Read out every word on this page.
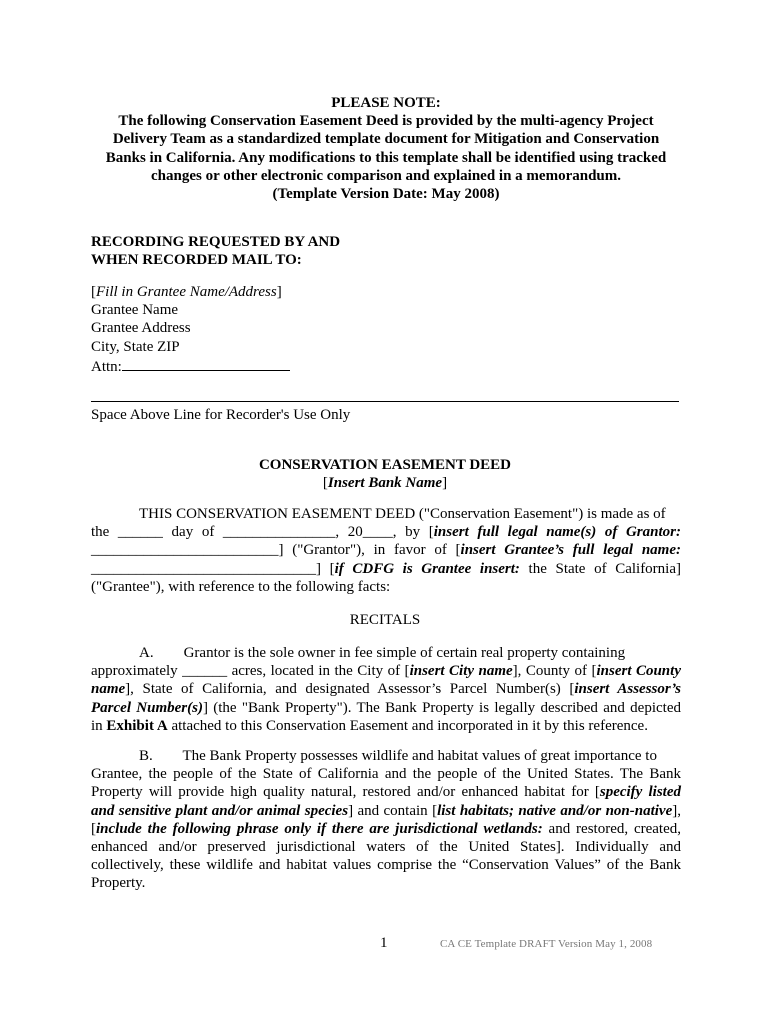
PLEASE NOTE:
The following Conservation Easement Deed is provided by the multi-agency Project
Delivery Team as a standardized template document for Mitigation and Conservation
Banks in California. Any modifications to this template shall be identified using tracked
changes or other electronic comparison and explained in a memorandum.
(Template Version Date: May 2008)
RECORDING REQUESTED BY AND
WHEN RECORDED MAIL TO:
[Fill in Grantee Name/Address]
Grantee Name
Grantee Address
City, State ZIP
Attn:
Space Above Line for Recorder's Use Only
CONSERVATION EASEMENT DEED
[Insert Bank Name]
THIS CONSERVATION EASEMENT DEED ("Conservation Easement") is made as of
the ______ day of _______________, 20____, by [insert full legal name(s) of Grantor:
_________________________] ("Grantor"), in favor of [insert Grantee’s full legal name:
______________________________] [if CDFG is Grantee insert: the State of California]
("Grantee"), with reference to the following facts:
RECITALS
A.        Grantor is the sole owner in fee simple of certain real property containing
approximately ______ acres, located in the City of [insert City name], County of [insert County
name], State of California, and designated Assessor’s Parcel Number(s) [insert Assessor’s
Parcel Number(s)] (the "Bank Property"). The Bank Property is legally described and depicted
in Exhibit A attached to this Conservation Easement and incorporated in it by this reference.
B.        The Bank Property possesses wildlife and habitat values of great importance to
Grantee, the people of the State of California and the people of the United States. The Bank
Property will provide high quality natural, restored and/or enhanced habitat for [specify listed
and sensitive plant and/or animal species] and contain [list habitats; native and/or non-native],
[include the following phrase only if there are jurisdictional wetlands: and restored, created,
enhanced and/or preserved jurisdictional waters of the United States]. Individually and
collectively, these wildlife and habitat values comprise the “Conservation Values” of the Bank
Property.
1	CA CE Template DRAFT Version May 1, 2008
